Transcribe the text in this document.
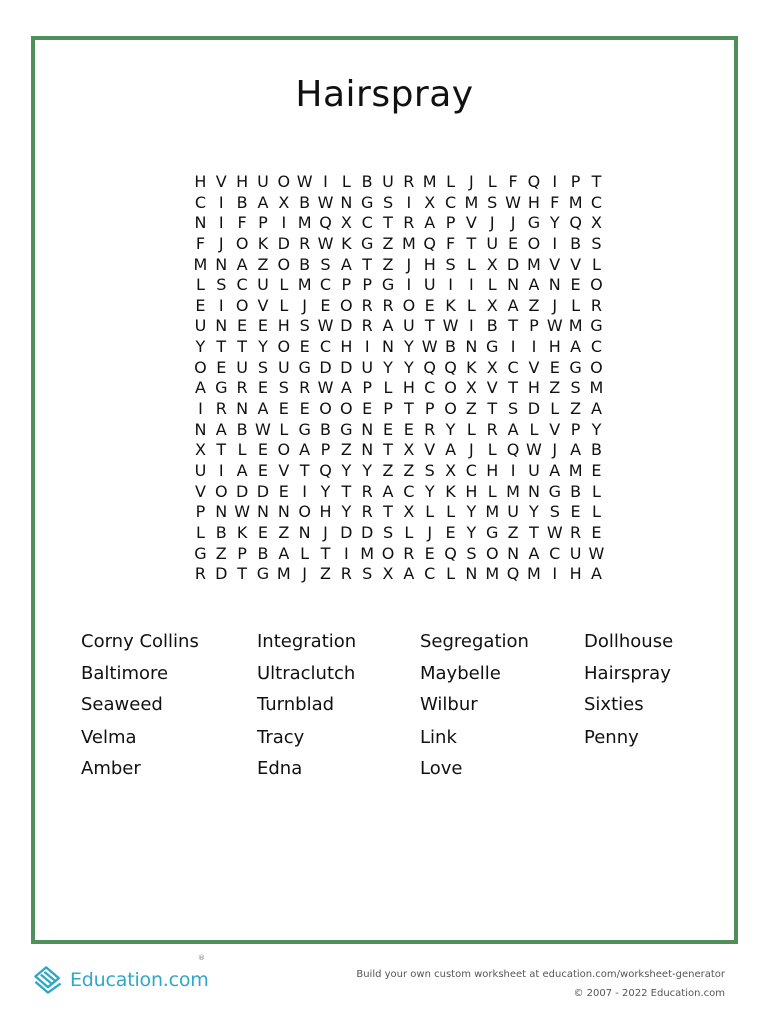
Hairspray
H V H U O W I L B U R M L J L F Q I P T
C I B A X B W N G S I X C M S W H F M C
N I F P I M Q X C T R A P V J	J G Y Q X
F J O K D R W K G Z M Q F T U E O I B S
M N A Z O B S A T Z J H S L X D M V V L
L S C U L M C P P G I U I	I L N A N E O
E I O V L J E O R R O E K L X A Z J L R
U N E E H S W D R A U T W I B T P W M G
Y T T Y O E C H I N Y W B N G I	I H A C
O E U S U G D D U Y Y Q Q K X C V E G O
A G R E S R W A P L H C O X V T H Z S M
I R N A E E O O E P T P O Z T S D L Z A
N A B W L G B G N E E R Y L R A L V P Y
X T L E O A P Z N T X V A J L Q W J A B
U I A E V T Q Y Y Z Z S X C H I U A M E
V O D D E I Y T R A C Y K H L M N G B L
P N W N N O H Y R T X L L Y M U Y S E L
L B K E Z N J D D S L J E Y G Z T W R E
G Z P B A L T I M O R E Q S O N A C U W
R D T G M J Z R S X A C L N M Q M I H A
Corny Collins	Integration	Segregation	Dollhouse
Baltimore	Ultraclutch	Maybelle	Hairspray
Seaweed	Turnblad	Wilbur	Sixties
Velma	Tracy	Link	Penny
Amber	Edna	Love
Education.com
®
Build your own custom worksheet at education.com/worksheet-generator
© 2007 - 2022 Education.com
